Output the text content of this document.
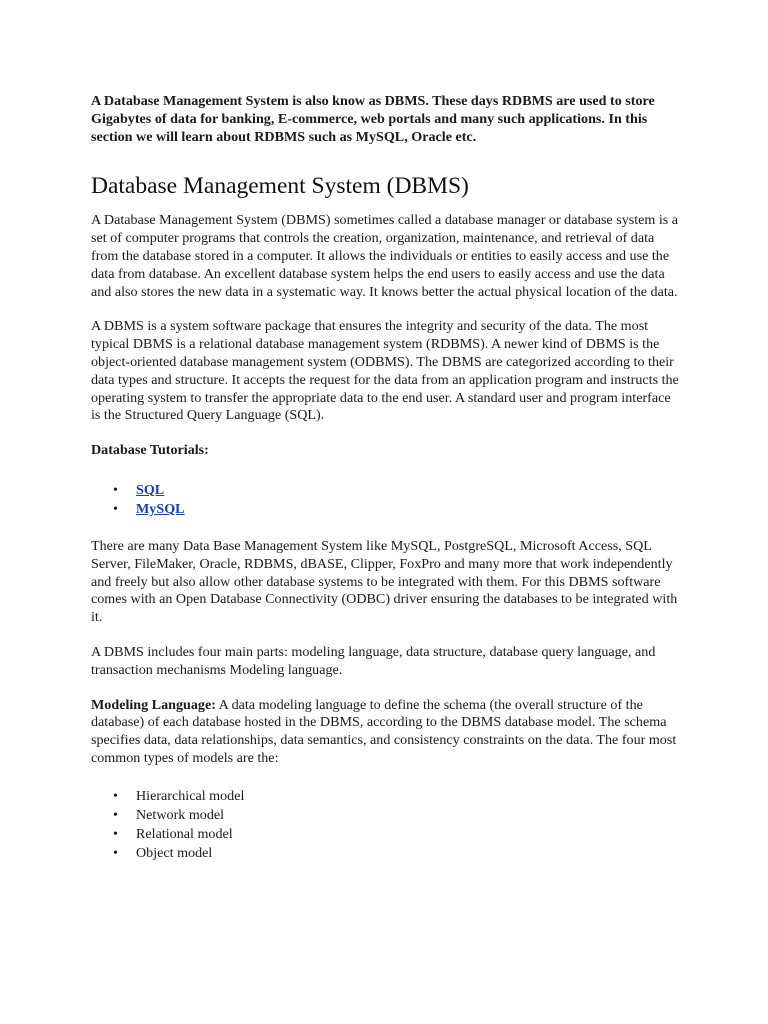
A Database Management System is also know as DBMS. These days RDBMS are used to store Gigabytes of data for banking, E-commerce, web portals and many such applications. In this section we will learn about RDBMS such as MySQL, Oracle etc.

Database Management System (DBMS)

A Database Management System (DBMS) sometimes called a database manager or database system is a set of computer programs that controls the creation, organization, maintenance, and retrieval of data from the database stored in a computer. It allows the individuals or entities to easily access and use the data from database. An excellent database system helps the end users to easily access and use the data and also stores the new data in a systematic way. It knows better the actual physical location of the data.

A DBMS is a system software package that ensures the integrity and security of the data. The most typical DBMS is a relational database management system (RDBMS). A newer kind of DBMS is the object-oriented database management system (ODBMS). The DBMS are categorized according to their data types and structure. It accepts the request for the data from an application program and instructs the operating system to transfer the appropriate data to the end user. A standard user and program interface is the Structured Query Language (SQL).

Database Tutorials:

• SQL
• MySQL

There are many Data Base Management System like MySQL, PostgreSQL, Microsoft Access, SQL Server, FileMaker, Oracle, RDBMS, dBASE, Clipper, FoxPro and many more that work independently and freely but also allow other database systems to be integrated with them. For this DBMS software comes with an Open Database Connectivity (ODBC) driver ensuring the databases to be integrated with it.

A DBMS includes four main parts: modeling language, data structure, database query language, and transaction mechanisms Modeling language.

Modeling Language: A data modeling language to define the schema (the overall structure of the database) of each database hosted in the DBMS, according to the DBMS database model. The schema specifies data, data relationships, data semantics, and consistency constraints on the data. The four most common types of models are the:

• Hierarchical model
• Network model
• Relational model
• Object model
